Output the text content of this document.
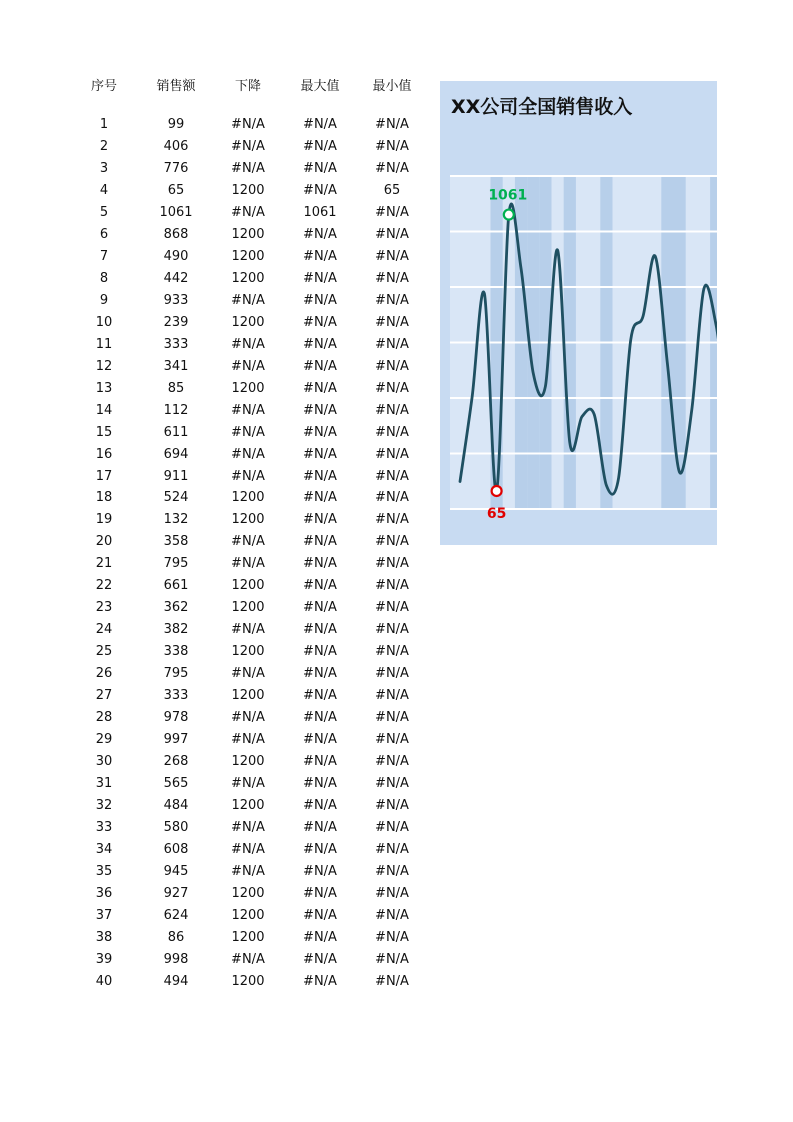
序号	销售额	下降	最大值	最小值

1	99	#N/A	#N/A	#N/A
2	406	#N/A	#N/A	#N/A
3	776	#N/A	#N/A	#N/A
4	65	1200	#N/A	65
5	1061	#N/A	1061	#N/A
6	868	1200	#N/A	#N/A
7	490	1200	#N/A	#N/A
8	442	1200	#N/A	#N/A
9	933	#N/A	#N/A	#N/A
10	239	1200	#N/A	#N/A
11	333	#N/A	#N/A	#N/A
12	341	#N/A	#N/A	#N/A
13	85	1200	#N/A	#N/A
14	112	#N/A	#N/A	#N/A
15	611	#N/A	#N/A	#N/A
16	694	#N/A	#N/A	#N/A
17	911	#N/A	#N/A	#N/A
18	524	1200	#N/A	#N/A
19	132	1200	#N/A	#N/A
20	358	#N/A	#N/A	#N/A
21	795	#N/A	#N/A	#N/A
22	661	1200	#N/A	#N/A
23	362	1200	#N/A	#N/A
24	382	#N/A	#N/A	#N/A
25	338	1200	#N/A	#N/A
26	795	#N/A	#N/A	#N/A
27	333	1200	#N/A	#N/A
28	978	#N/A	#N/A	#N/A
29	997	#N/A	#N/A	#N/A
30	268	1200	#N/A	#N/A
31	565	#N/A	#N/A	#N/A
32	484	1200	#N/A	#N/A
33	580	#N/A	#N/A	#N/A
34	608	#N/A	#N/A	#N/A
35	945	#N/A	#N/A	#N/A
36	927	1200	#N/A	#N/A
37	624	1200	#N/A	#N/A
38	86	1200	#N/A	#N/A
39	998	#N/A	#N/A	#N/A
40	494	1200	#N/A	#N/A
1061
65
XX公司全国销售收入
